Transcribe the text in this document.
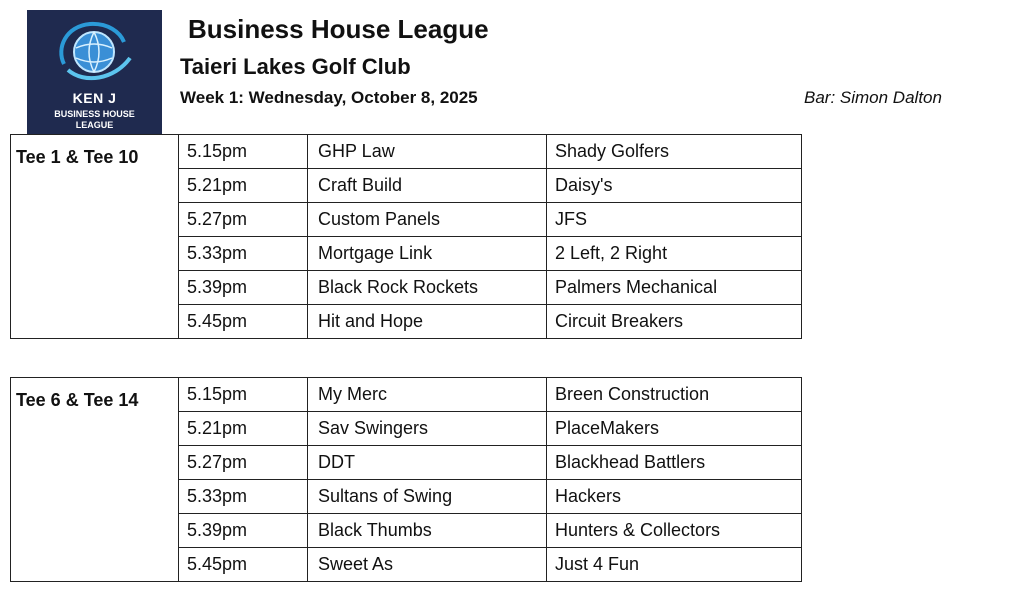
KEN J
BUSINESS HOUSE
LEAGUE
Business House League
Taieri Lakes Golf Club
Week 1: Wednesday, October 8, 2025	Bar: Simon Dalton
Tee 1 & Tee 10	5.15pm	GHP Law	Shady Golfers
	5.21pm	Craft Build	Daisy's
	5.27pm	Custom Panels	JFS
	5.33pm	Mortgage Link	2 Left, 2 Right
	5.39pm	Black Rock Rockets	Palmers Mechanical
	5.45pm	Hit and Hope	Circuit Breakers
Tee 6 & Tee 14	5.15pm	My Merc	Breen Construction
	5.21pm	Sav Swingers	PlaceMakers
	5.27pm	DDT	Blackhead Battlers
	5.33pm	Sultans of Swing	Hackers
	5.39pm	Black Thumbs	Hunters & Collectors
	5.45pm	Sweet As	Just 4 Fun
